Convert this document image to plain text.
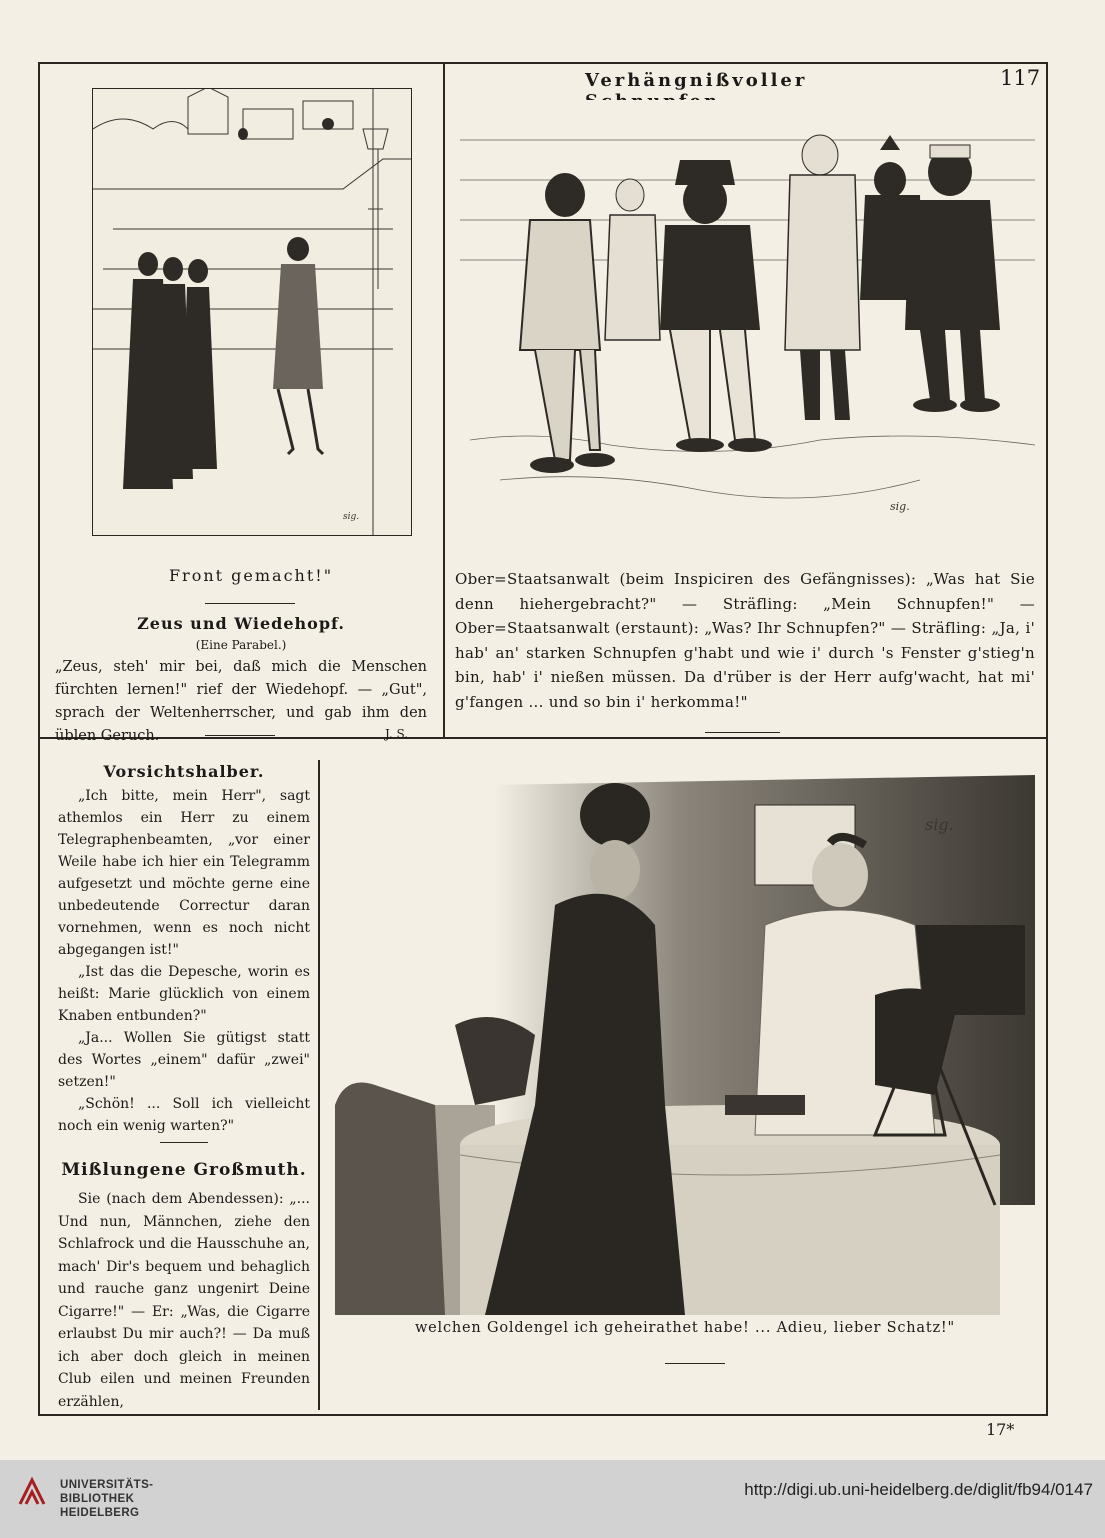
Verhängnißvoller	117
sig.
Front gemacht!"
Zeus und Wiedehopf.
(Eine Parabel.)

„Zeus, steh' mir bei, daß mich die Menschen fürchten lernen!" rief der Wiedehopf. — „Gut", sprach der Weltenherrscher, und gab ihm den üblen Geruch.	J. S.
sig.

Ober=Staatsanwalt (beim Inspiciren des Gefängnisses): „Was hat Sie denn hiehergebracht?" — Sträfling: „Mein Schnupfen!" — Ober=Staatsanwalt (erstaunt): „Was? Ihr Schnupfen?" — Sträfling: „Ja, i' hab' an' starken Schnupfen g'habt und wie i' durch 's Fenster g'stieg'n bin, hab' i' nießen müssen. Da d'rüber is der Herr aufg'wacht, hat mi' g'fangen ... und so bin i' herkomma!"

Vorsichtshalber.

„Ich bitte, mein Herr", sagt athemlos ein Herr zu einem Telegraphenbeamten, „vor einer Weile habe ich hier ein Telegramm aufgesetzt und möchte gerne eine unbedeutende Correctur daran vornehmen, wenn es noch nicht abgegangen ist!"

„Ist das die Depesche, worin es heißt: Marie glücklich von einem Knaben entbunden?"

„Ja... Wollen Sie gütigst statt des Wortes „einem" dafür „zwei" setzen!"

„Schön! ... Soll ich vielleicht noch ein wenig warten?"

Mißlungene Großmuth.

Sie (nach dem Abendessen): „... Und nun, Männchen, ziehe den Schlafrock und die Hausschuhe an, mach' Dir's bequem und behaglich und rauche ganz ungenirt Deine Cigarre!" — Er: „Was, die Cigarre erlaubst Du mir auch?! — Da muß ich aber doch gleich in meinen Club eilen und meinen Freunden erzählen,

sig.
welchen Goldengel ich geheirathet habe! ... Adieu, lieber Schatz!"
17*
UNIVERSITÄTS-
BIBLIOTHEK
HEIDELBERG
http://digi.ub.uni-heidelberg.de/diglit/fb94/0147
